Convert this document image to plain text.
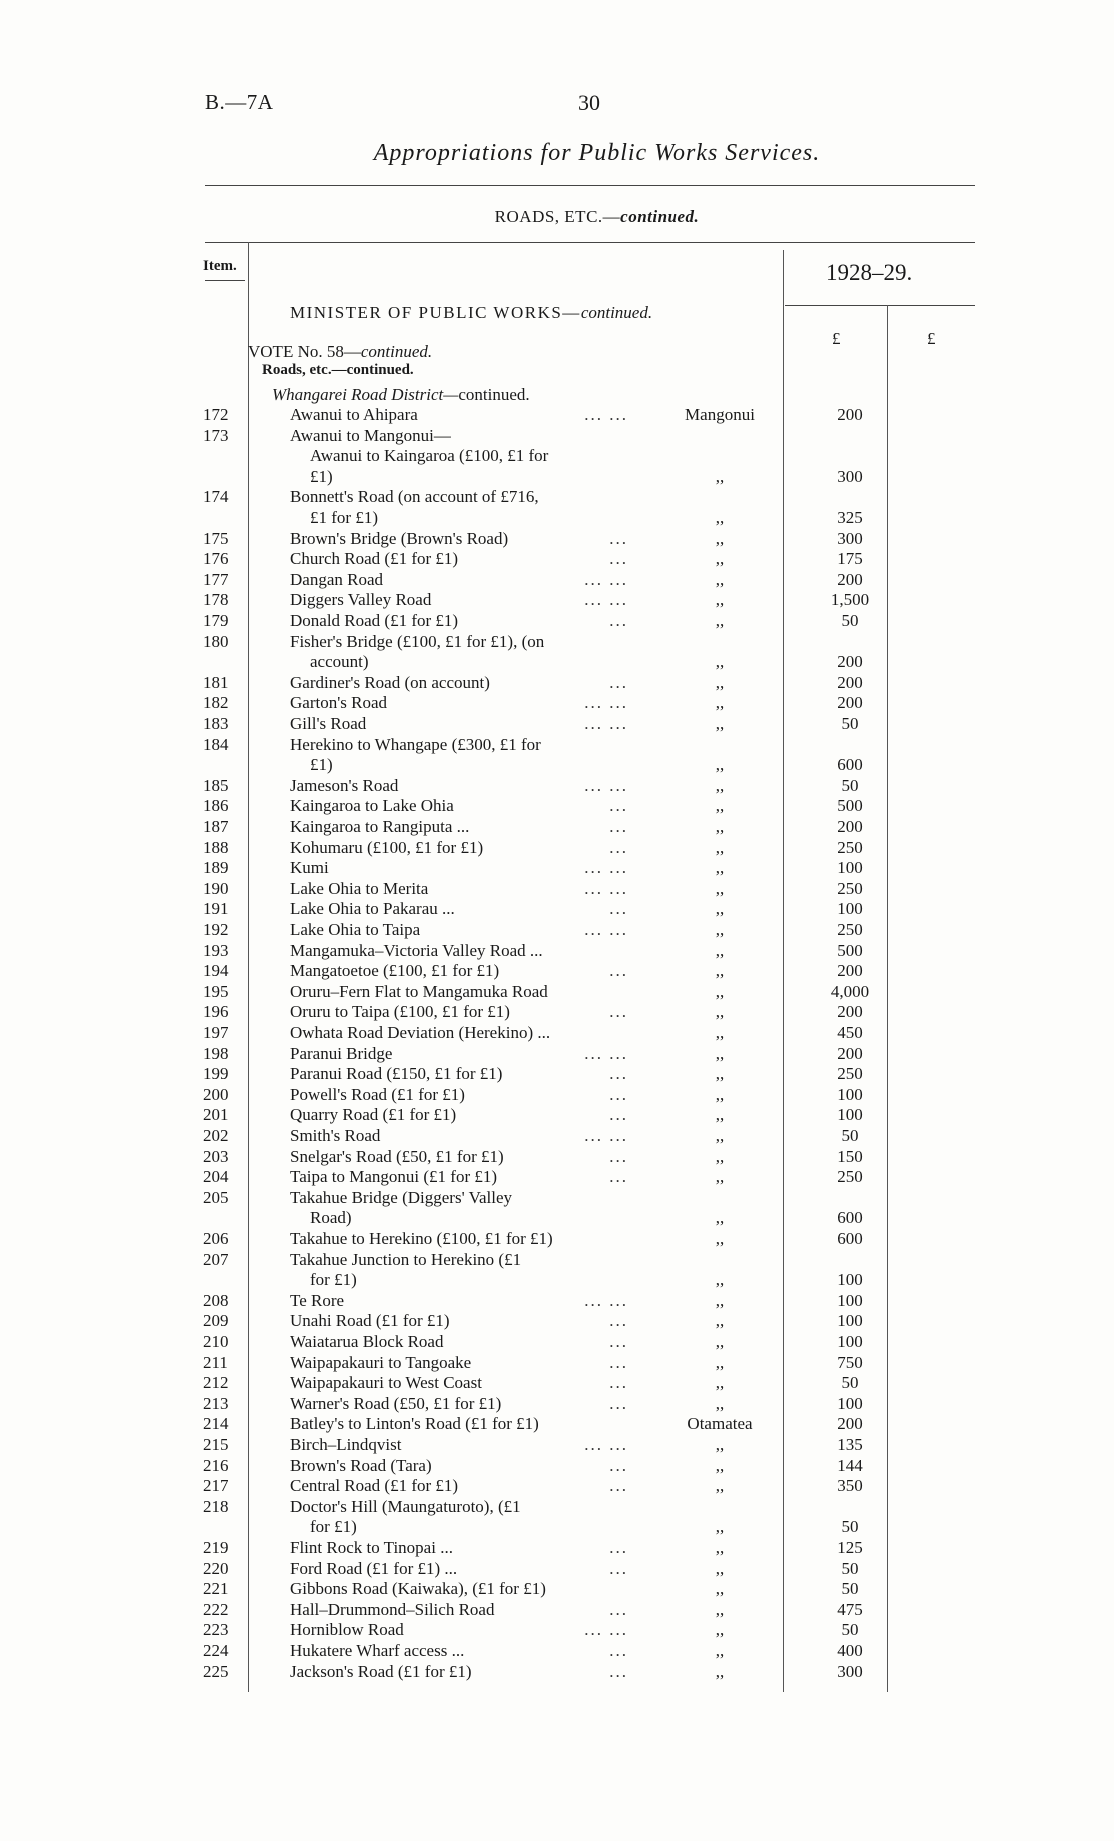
B.—7A	30
Appropriations for Public Works Services.
ROADS, ETC.—continued.
Item.	1928–29.
£	£
MINISTER OF PUBLIC WORKS—continued.
VOTE No. 58—continued.
Roads, etc.—continued.
Whangarei Road District—continued.
172	Awanui to Ahipara	... ...	Mangonui	200
173	Awanui to Mangonui—
Awanui to Kaingaroa (£100, £1 for
£1)	,,	300
174	Bonnett's Road (on account of £716,
£1 for £1)	,,	325
175	Brown's Bridge (Brown's Road)	...	,,	300
176	Church Road (£1 for £1)	...	,,	175
177	Dangan Road	... ...	,,	200
178	Diggers Valley Road	... ...	,,	1,500
179	Donald Road (£1 for £1)	...	,,	50
180	Fisher's Bridge (£100, £1 for £1), (on
account)	,,	200
181	Gardiner's Road (on account)	...	,,	200
182	Garton's Road	... ...	,,	200
183	Gill's Road	... ...	,,	50
184	Herekino to Whangape (£300, £1 for
£1)	,,	600
185	Jameson's Road	... ...	,,	50
186	Kaingaroa to Lake Ohia	...	,,	500
187	Kaingaroa to Rangiputa ...	...	,,	200
188	Kohumaru (£100, £1 for £1)	...	,,	250
189	Kumi	... ...	,,	100
190	Lake Ohia to Merita	... ...	,,	250
191	Lake Ohia to Pakarau ...	...	,,	100
192	Lake Ohia to Taipa	... ...	,,	250
193	Mangamuka–Victoria Valley Road ...	,,	500
194	Mangatoetoe (£100, £1 for £1)	...	,,	200
195	Oruru–Fern Flat to Mangamuka Road	,,	4,000
196	Oruru to Taipa (£100, £1 for £1)	...	,,	200
197	Owhata Road Deviation (Herekino) ...	,,	450
198	Paranui Bridge	... ...	,,	200
199	Paranui Road (£150, £1 for £1)	...	,,	250
200	Powell's Road (£1 for £1)	...	,,	100
201	Quarry Road (£1 for £1)	...	,,	100
202	Smith's Road	... ...	,,	50
203	Snelgar's Road (£50, £1 for £1)	...	,,	150
204	Taipa to Mangonui (£1 for £1)	...	,,	250
205	Takahue Bridge (Diggers' Valley
Road)	,,	600
206	Takahue to Herekino (£100, £1 for £1)	,,	600
207	Takahue Junction to Herekino (£1
for £1)	,,	100
208	Te Rore	... ...	,,	100
209	Unahi Road (£1 for £1)	...	,,	100
210	Waiatarua Block Road	...	,,	100
211	Waipapakauri to Tangoake	...	,,	750
212	Waipapakauri to West Coast	...	,,	50
213	Warner's Road (£50, £1 for £1)	...	,,	100
214	Batley's to Linton's Road (£1 for £1)	Otamatea	200
215	Birch–Lindqvist	... ...	,,	135
216	Brown's Road (Tara)	...	,,	144
217	Central Road (£1 for £1)	...	,,	350
218	Doctor's Hill (Maungaturoto), (£1
for £1)	,,	50
219	Flint Rock to Tinopai ...	...	,,	125
220	Ford Road (£1 for £1) ...	...	,,	50
221	Gibbons Road (Kaiwaka), (£1 for £1)	,,	50
222	Hall–Drummond–Silich Road	...	,,	475
223	Horniblow Road	... ...	,,	50
224	Hukatere Wharf access ...	...	,,	400
225	Jackson's Road (£1 for £1)	...	,,	300
